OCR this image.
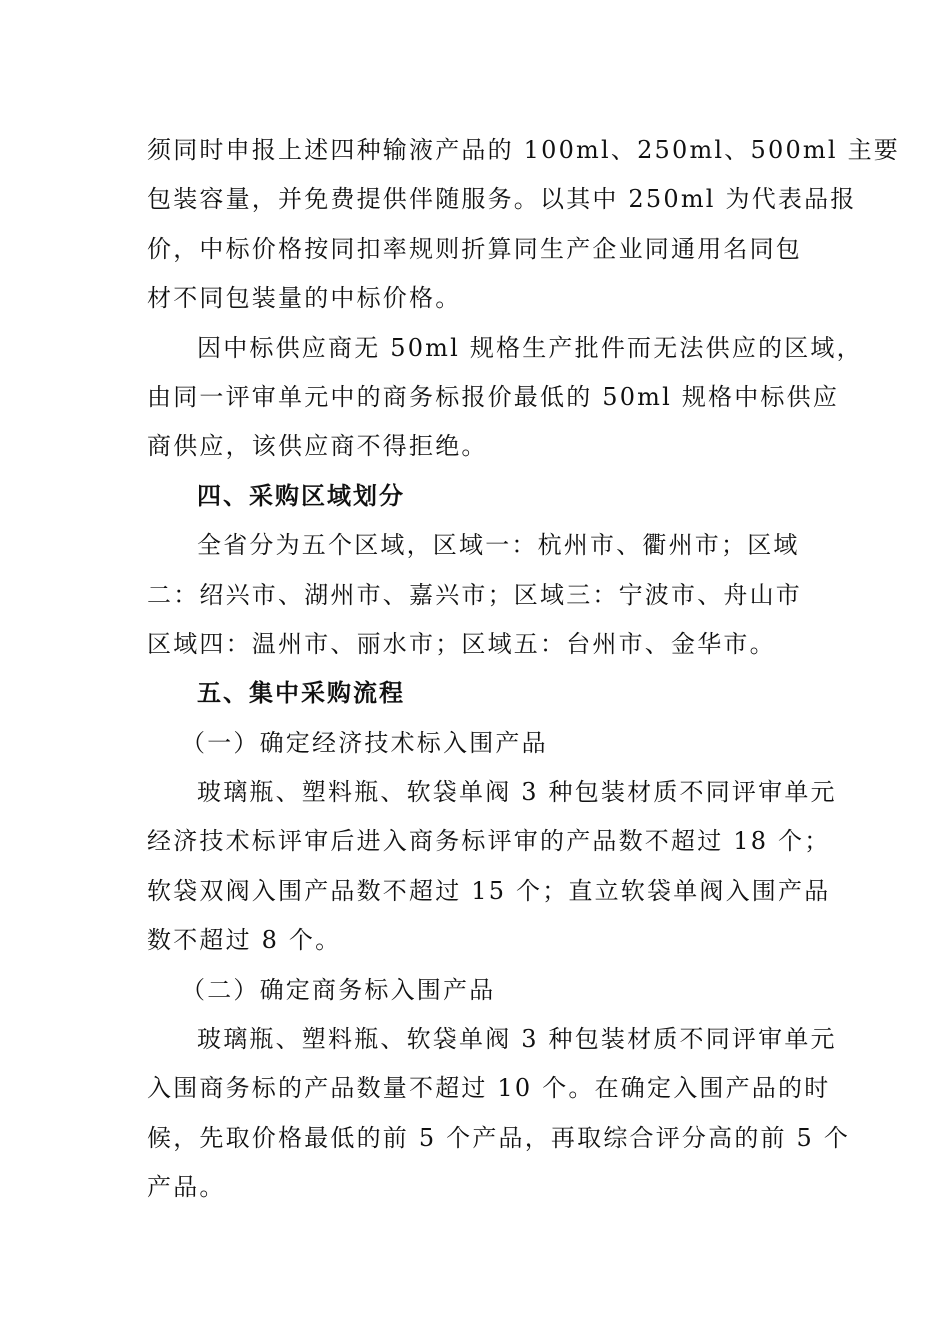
须同时申报上述四种输液产品的 100ml、250ml、500ml 主要
包装容量，并免费提供伴随服务。以其中 250ml 为代表品报
价，中标价格按同扣率规则折算同生产企业同通用名同包
材不同包装量的中标价格。
因中标供应商无 50ml 规格生产批件而无法供应的区域，
由同一评审单元中的商务标报价最低的 50ml 规格中标供应
商供应，该供应商不得拒绝。
四、采购区域划分
全省分为五个区域，区域一：杭州市、衢州市；区域
二：绍兴市、湖州市、嘉兴市；区域三：宁波市、舟山市
区域四：温州市、丽水市；区域五：台州市、金华市。
五、集中采购流程
（一）确定经济技术标入围产品
玻璃瓶、塑料瓶、软袋单阀 3 种包装材质不同评审单元
经济技术标评审后进入商务标评审的产品数不超过 18 个；
软袋双阀入围产品数不超过 15 个；直立软袋单阀入围产品
数不超过 8 个。
（二）确定商务标入围产品
玻璃瓶、塑料瓶、软袋单阀 3 种包装材质不同评审单元
入围商务标的产品数量不超过 10 个。在确定入围产品的时
候，先取价格最低的前 5 个产品，再取综合评分高的前 5 个
产品。
